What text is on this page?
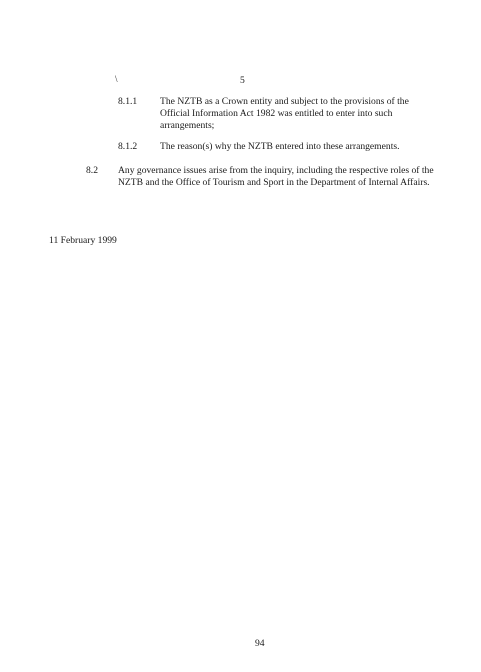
\	5
8.1.1 The NZTB as a Crown entity and subject to the provisions of the Official Information Act 1982 was entitled to enter into such arrangements;
8.1.2 The reason(s) why the NZTB entered into these arrangements.
8.2 Any governance issues arise from the inquiry, including the respective roles of the NZTB and the Office of Tourism and Sport in the Department of Internal Affairs.
11 February 1999
94
